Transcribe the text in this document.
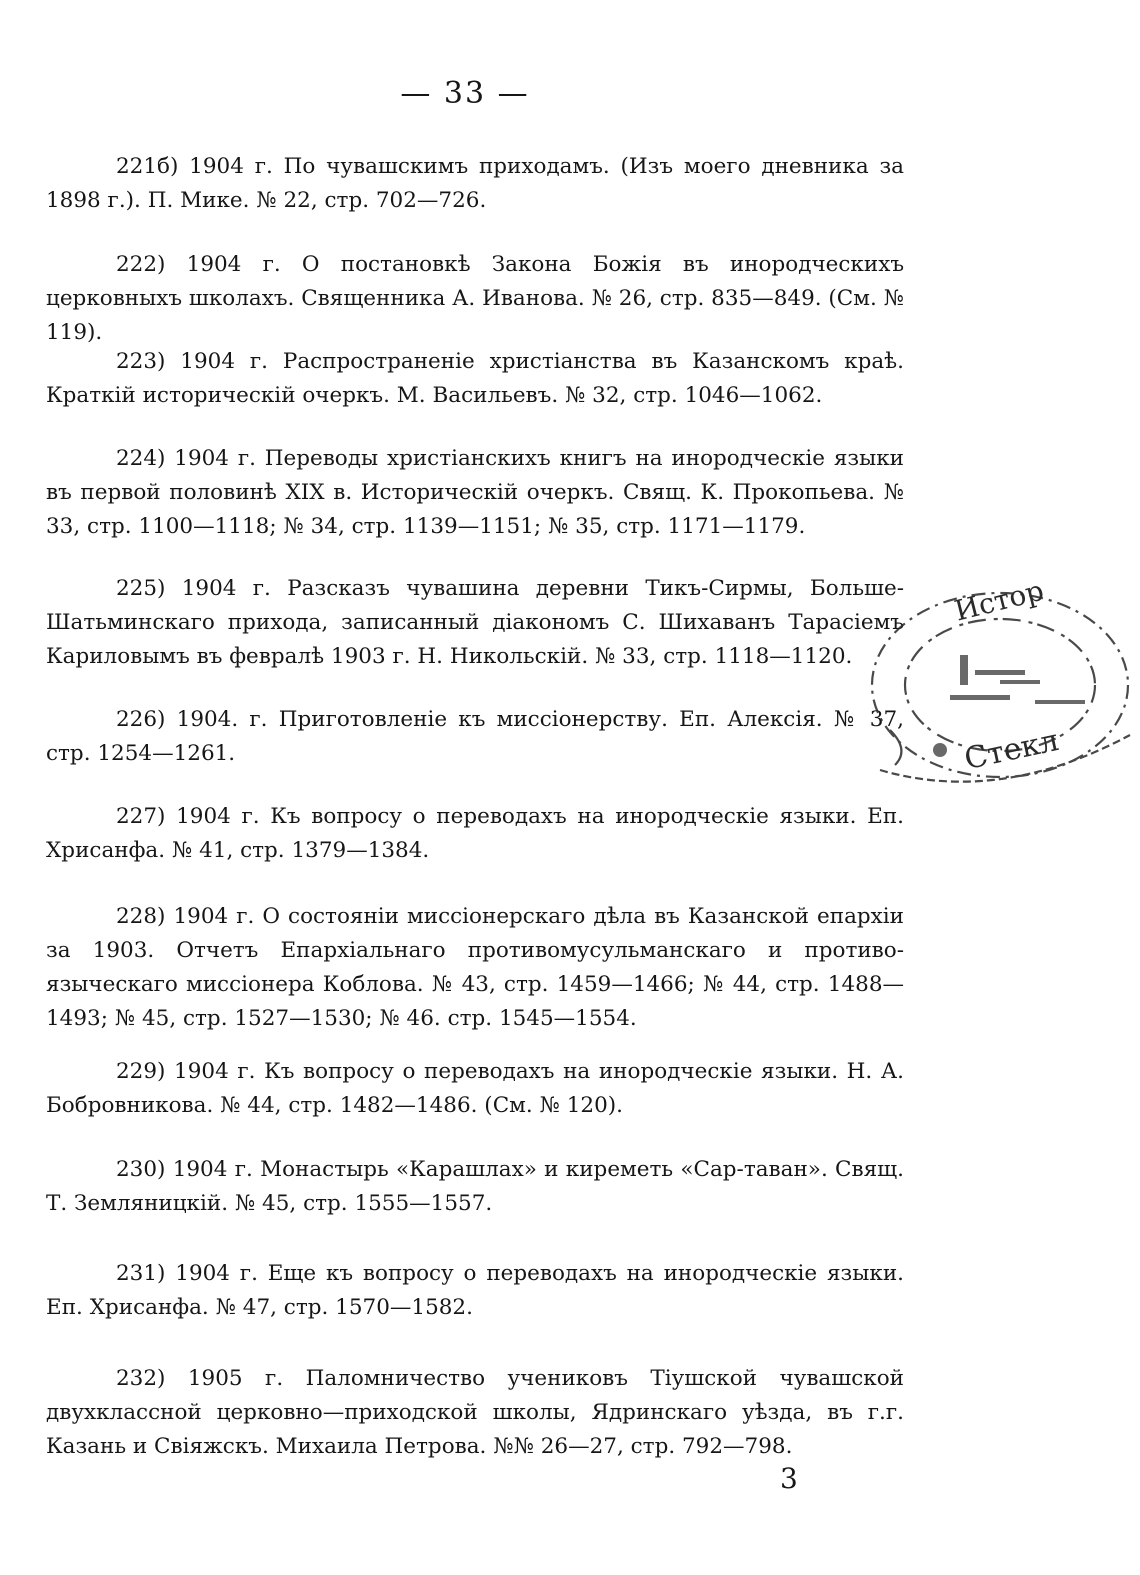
— 33 —

221б) 1904 г. По чувашскимъ приходамъ. (Изъ моего дневника за 1898 г.). П. Мике. № 22, стр. 702—726.

222) 1904 г. О постановкѣ Закона Божія въ инородческихъ церковныхъ школахъ. Священника А. Иванова. № 26, стр. 835—849. (См. № 119).

223) 1904 г. Распространеніе христіанства въ Казанскомъ краѣ. Краткій историческій очеркъ. М. Васильевъ. № 32, стр. 1046—1062.

224) 1904 г. Переводы христіанскихъ книгъ на инородческіе языки въ первой половинѣ XIX в. Историческій очеркъ. Свящ. К. Прокопьева. № 33, стр. 1100—1118; № 34, стр. 1139—1151; № 35, стр. 1171—1179.

225) 1904 г. Разсказъ чувашина деревни Тикъ-Сирмы, Больше-Шатьминскаго прихода, записанный діакономъ С. Шихаванъ Тарасіемъ Кариловымъ въ февралѣ 1903 г. Н. Никольскій. № 33, стр. 1118—1120.

226) 1904. г. Приготовленіе къ миссіонерству. Еп. Алексія. № 37, стр. 1254—1261.

227) 1904 г. Къ вопросу о переводахъ на инородческіе языки. Еп. Хрисанфа. № 41, стр. 1379—1384.

228) 1904 г. О состояніи миссіонерскаго дѣла въ Казанской епархіи за 1903. Отчетъ Епархіальнаго противомусульманскаго и противо-языческаго миссіонера Коблова. № 43, стр. 1459—1466; № 44, стр. 1488—1493; № 45, стр. 1527—1530; № 46. стр. 1545—1554.

229) 1904 г. Къ вопросу о переводахъ на инородческіе языки. Н. А. Бобровникова. № 44, стр. 1482—1486. (См. № 120).

230) 1904 г. Монастырь «Карашлах» и киреметь «Сар-таван». Свящ. Т. Земляницкій. № 45, стр. 1555—1557.

231) 1904 г. Еще къ вопросу о переводахъ на инородческіе языки. Еп. Хрисанфа. № 47, стр. 1570—1582.

232) 1905 г. Паломничество учениковъ Тіушской чувашской двухклассной церковно—приходской школы, Ядринскаго уѣзда, въ г.г. Казань и Свіяжскъ. Михаила Петрова. №№ 26—27, стр. 792—798.

3
Истор
Стекл
